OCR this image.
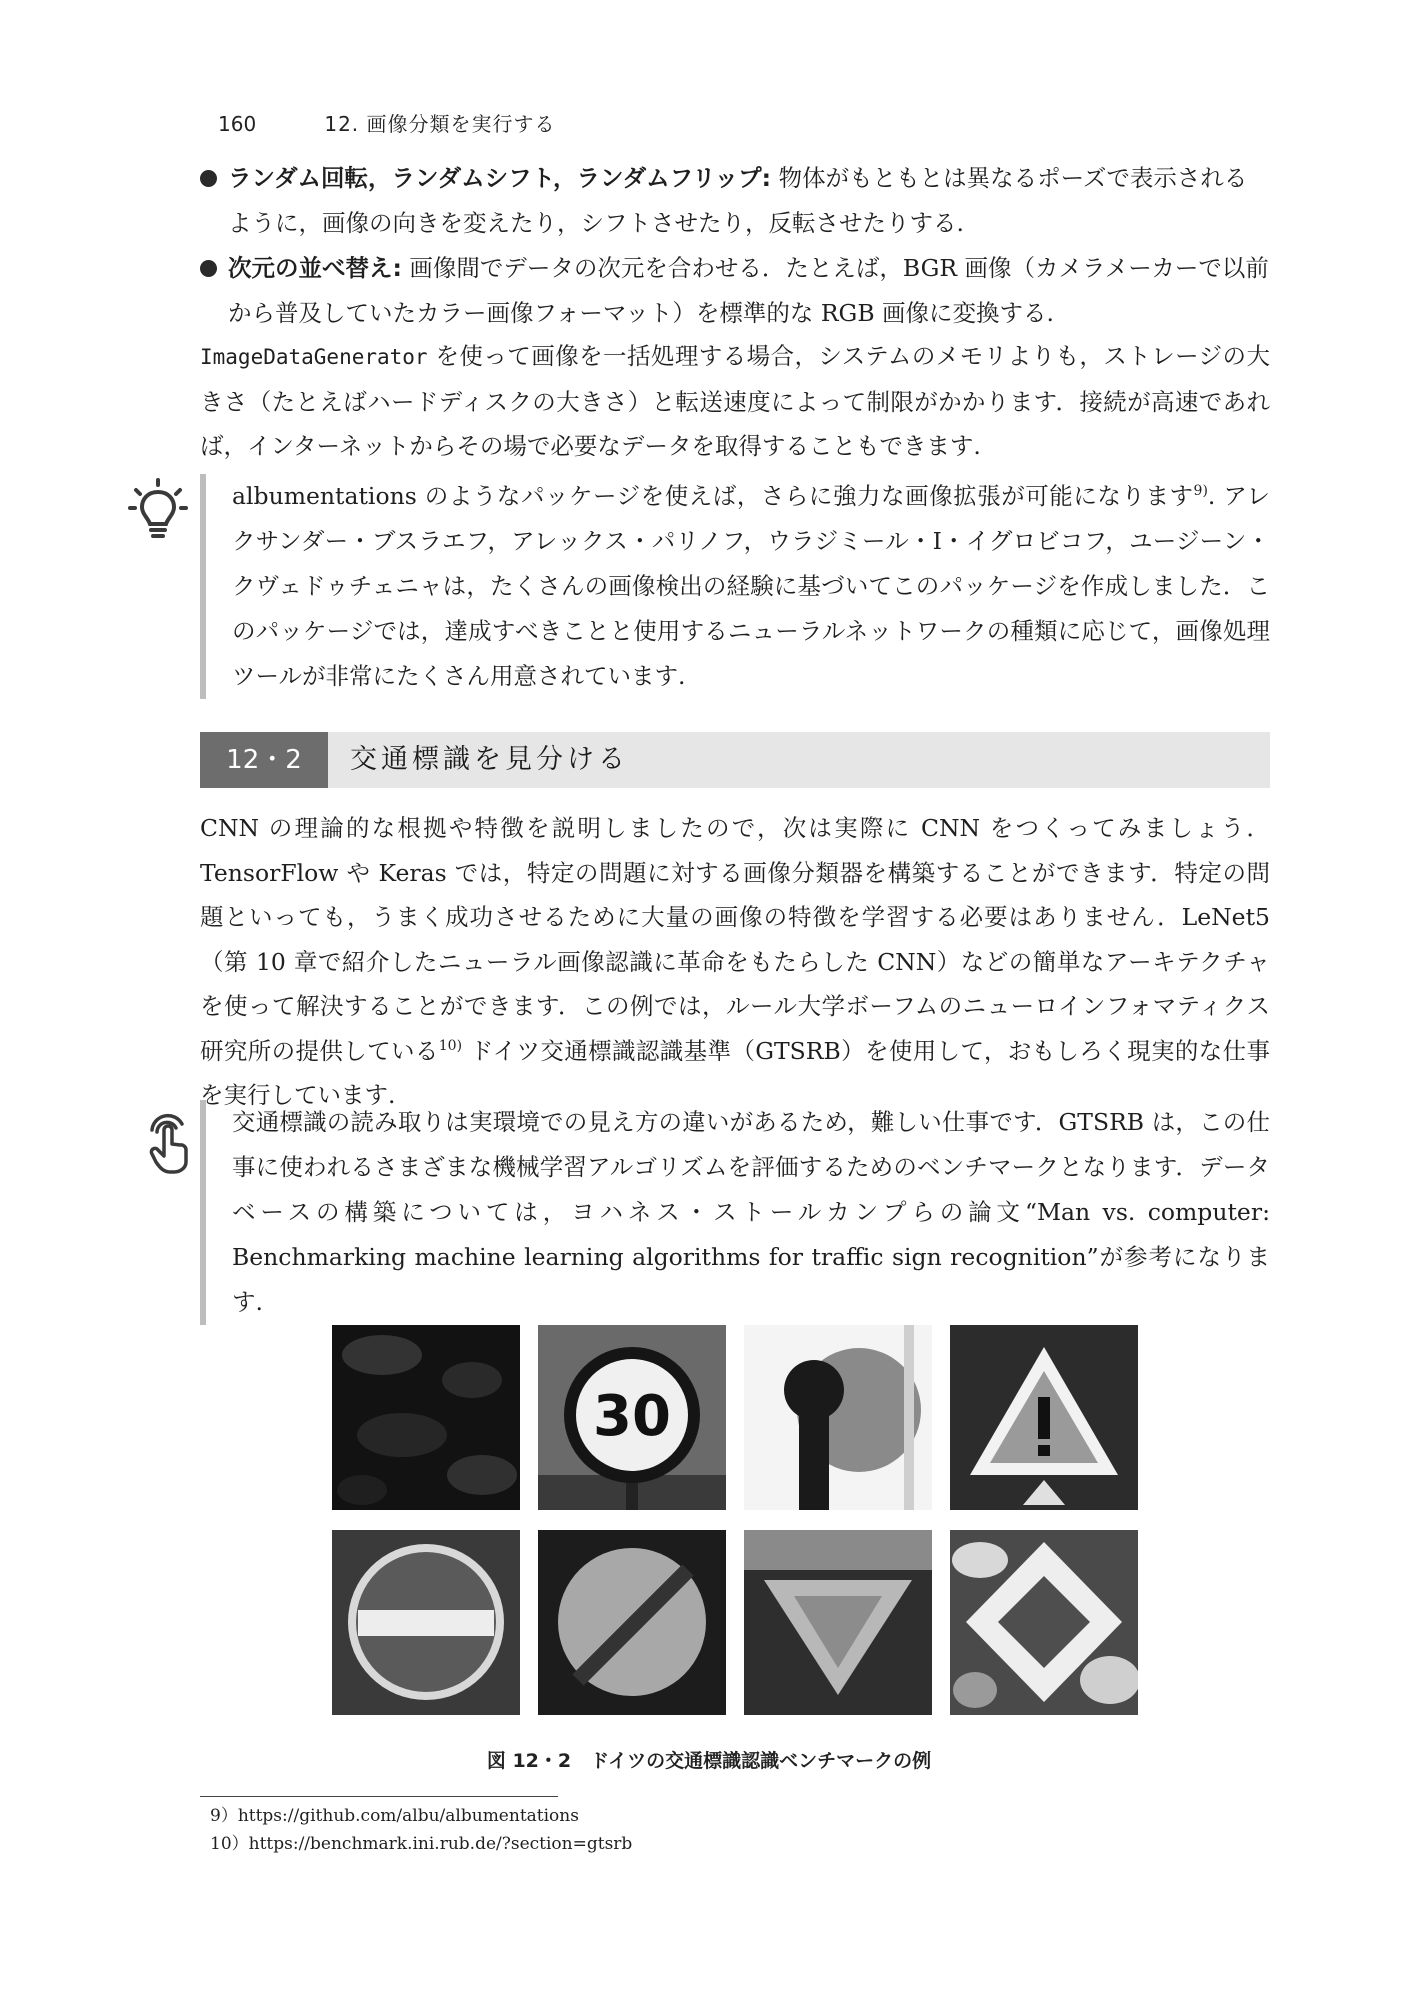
160	12. 画像分類を実行する
ランダム回転，ランダムシフト，ランダムフリップ: 物体がもともとは異なるポーズで表示されるように，画像の向きを変えたり，シフトさせたり，反転させたりする.
次元の並べ替え: 画像間でデータの次元を合わせる．たとえば，BGR 画像（カメラメーカーで以前から普及していたカラー画像フォーマット）を標準的な RGB 画像に変換する.
ImageDataGenerator を使って画像を一括処理する場合，システムのメモリよりも，ストレージの大きさ（たとえばハードディスクの大きさ）と転送速度によって制限がかかります．接続が高速であれば，インターネットからその場で必要なデータを取得することもできます.
albumentations のようなパッケージを使えば，さらに強力な画像拡張が可能になります$^{9)}$. アレクサンダー・ブスラエフ，アレックス・パリノフ，ウラジミール・I・イグロビコフ，ユージーン・クヴェドゥチェニャは，たくさんの画像検出の経験に基づいてこのパッケージを作成しました．このパッケージでは，達成すべきことと使用するニューラルネットワークの種類に応じて，画像処理ツールが非常にたくさん用意されています.
12・2	交通標識を見分ける
CNN の理論的な根拠や特徴を説明しましたので，次は実際に CNN をつくってみましょう．TensorFlow や Keras では，特定の問題に対する画像分類器を構築することができます．特定の問題といっても，うまく成功させるために大量の画像の特徴を学習する必要はありません．LeNet5（第 10 章で紹介したニューラル画像認識に革命をもたらした CNN）などの簡単なアーキテクチャを使って解決することができます．この例では，ルール大学ボーフムのニューロインフォマティクス研究所の提供している$^{10)}$ ドイツ交通標識認識基準（GTSRB）を使用して，おもしろく現実的な仕事を実行しています.
交通標識の読み取りは実環境での見え方の違いがあるため，難しい仕事です．GTSRB は，この仕事に使われるさまざまな機械学習アルゴリズムを評価するためのベンチマークとなります．データベースの構築については，ヨハネス・ストールカンプらの論文“Man vs. computer: Benchmarking machine learning algorithms for traffic sign recognition”が参考になります.
30
図 12・2　ドイツの交通標識認識ベンチマークの例
9）https://github.com/albu/albumentations
10）https://benchmark.ini.rub.de/?section=gtsrb
